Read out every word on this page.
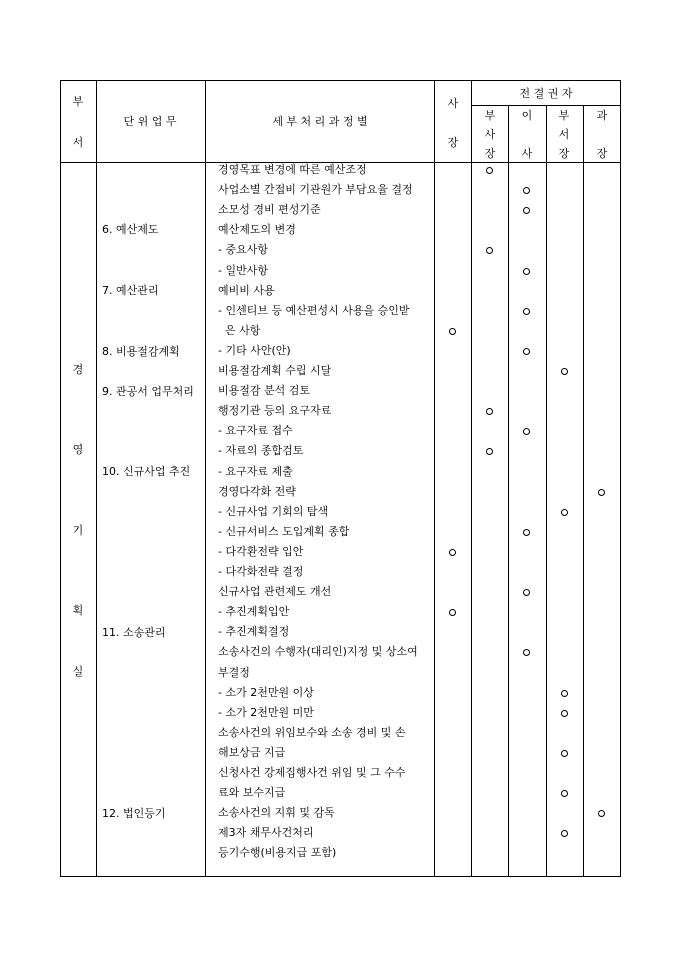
부
서
단 위 업 무	세 부 처 리 과 정 별
사
장
전 결 권 자
부
사
장
이
사
부
서
장
과
장
경
영
기
획
실
6. 예산제도
7. 예산관리
8. 비용절감계획
9. 관공서 업무처리
10. 신규사업 추진
11. 소송관리
12. 법인등기
경영목표 변경에 따른 예산조정
사업소별 간접비 기관원가 부담요율 결정
소모성 경비 편성기준
예산제도의 변경
- 중요사항
- 일반사항
예비비 사용
- 인센티브 등 예산편성시 사용을 승인받
은 사항
- 기타 사안(안)
비용절감계획 수립 시달
비용절감 분석 검토
행정기관 등의 요구자료
- 요구자료 접수
- 자료의 종합검토
- 요구자료 제출
경영다각화 전략
- 신규사업 기회의 탐색
- 신규서비스 도입계획 종합
- 다각환전략 입안
- 다각화전략 결정
신규사업 관련제도 개선
- 추진계획입안
- 추진계획결정
소송사건의 수행자(대리인)지정 및 상소여
부결정
- 소가 2천만원 이상
- 소가 2천만원 미만
소송사건의 위임보수와 소송 경비 및 손
해보상금 지급
신청사건 강제집행사건 위임 및 그 수수
료와 보수지급
소송사건의 지휘 및 감독
제3자 채무사건처리
등기수행(비용지급 포함)
